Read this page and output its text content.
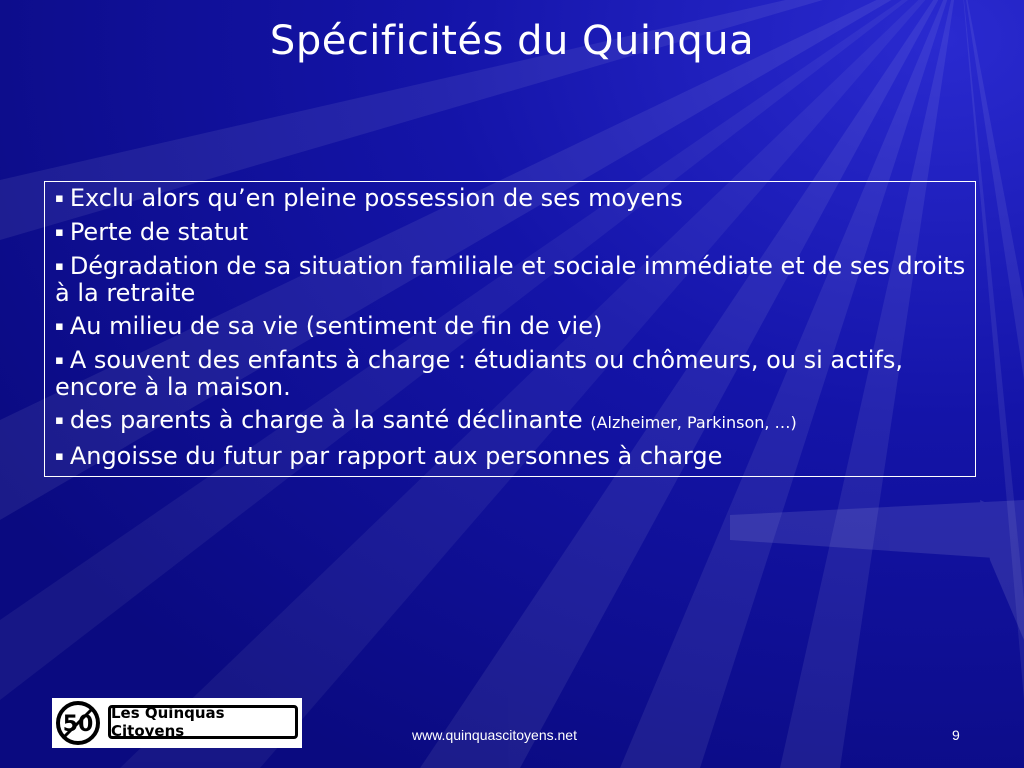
Spécificités du Quinqua
▪ Exclu alors qu’en pleine possession de ses moyens
▪ Perte de statut
▪ Dégradation de sa situation familiale et sociale immédiate et de ses droits à la retraite
▪ Au milieu de sa vie (sentiment de fin de vie)
▪ A souvent des enfants à charge : étudiants ou chômeurs, ou si actifs, encore à la maison.
▪ des parents à charge à la santé déclinante (Alzheimer, Parkinson, …)
▪ Angoisse du futur par rapport aux personnes à charge
50 Les Quinquas Citoyens	www.quinquascitoyens.net	9
